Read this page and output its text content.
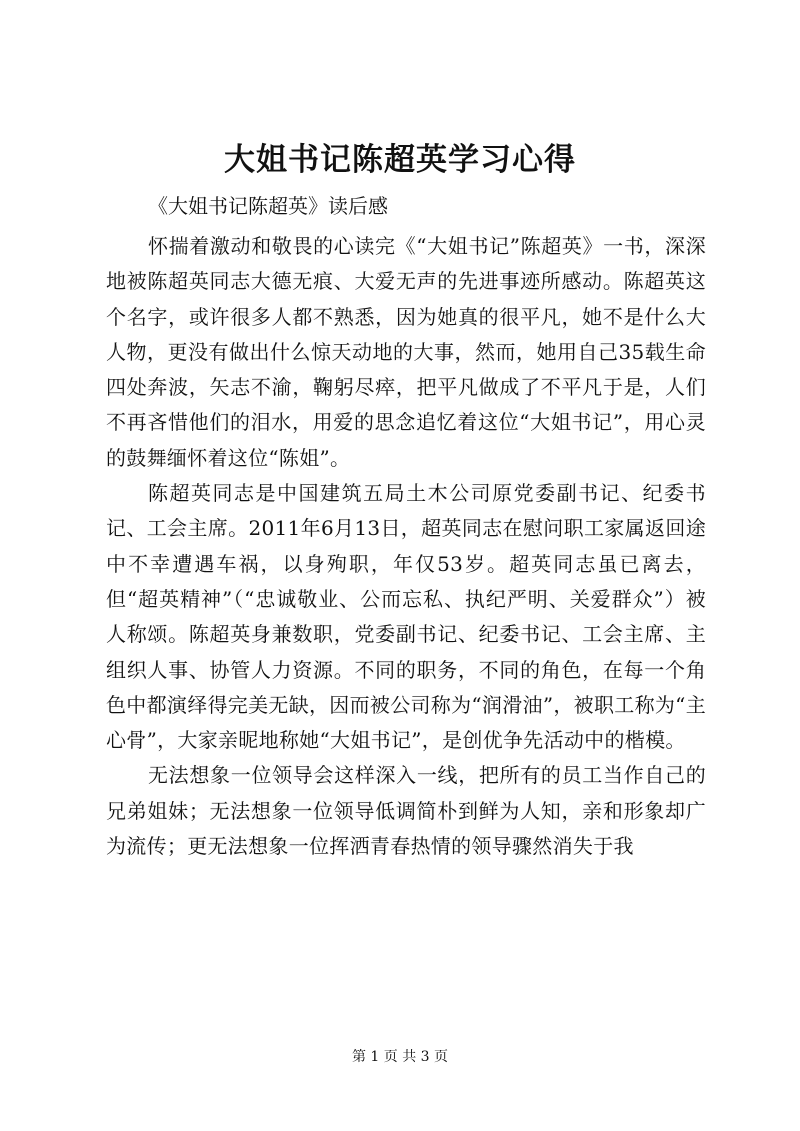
大姐书记陈超英学习心得
《大姐书记陈超英》读后感

怀揣着激动和敬畏的心读完《“大姐书记”陈超英》一书，深深地被陈超英同志大德无痕、大爱无声的先进事迹所感动。陈超英这个名字，或许很多人都不熟悉，因为她真的很平凡，她不是什么大人物，更没有做出什么惊天动地的大事，然而，她用自己35载生命四处奔波，矢志不渝，鞠躬尽瘁，把平凡做成了不平凡于是，人们不再吝惜他们的泪水，用爱的思念追忆着这位“大姐书记”，用心灵的鼓舞缅怀着这位“陈姐”。

陈超英同志是中国建筑五局土木公司原党委副书记、纪委书记、工会主席。2011年6月13日，超英同志在慰问职工家属返回途中不幸遭遇车祸，以身殉职，年仅53岁。超英同志虽已离去，但“超英精神”（“忠诚敬业、公而忘私、执纪严明、关爱群众”）被人称颂。陈超英身兼数职，党委副书记、纪委书记、工会主席、主组织人事、协管人力资源。不同的职务，不同的角色，在每一个角色中都演绎得完美无缺，因而被公司称为“润滑油”，被职工称为“主心骨”，大家亲昵地称她“大姐书记”，是创优争先活动中的楷模。

无法想象一位领导会这样深入一线，把所有的员工当作自己的兄弟姐妹；无法想象一位领导低调简朴到鲜为人知，亲和形象却广为流传；更无法想象一位挥洒青春热情的领导骤然消失于我

第 1 页 共 3 页
